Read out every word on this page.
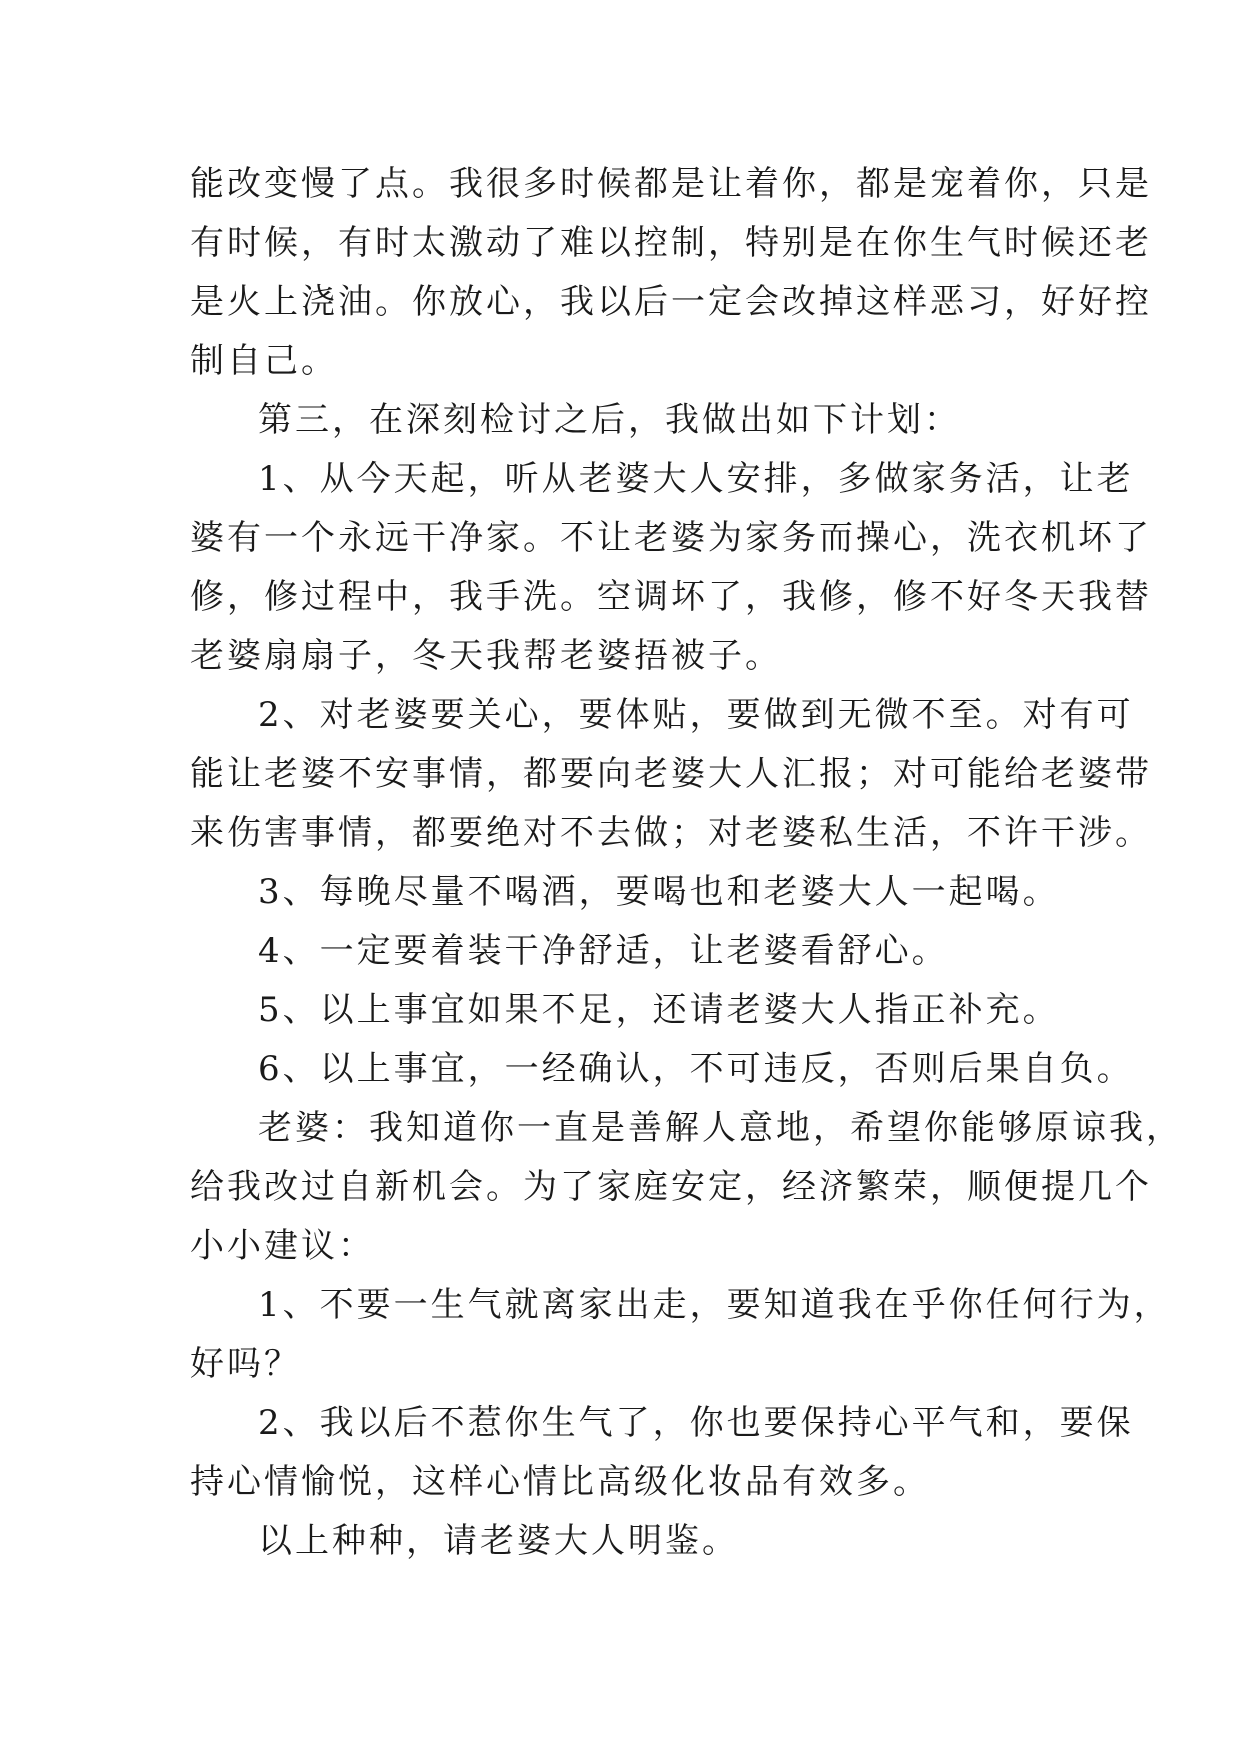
能改变慢了点。我很多时候都是让着你，都是宠着你，只是
有时候，有时太激动了难以控制，特别是在你生气时候还老
是火上浇油。你放心，我以后一定会改掉这样恶习，好好控
制自己。
第三，在深刻检讨之后，我做出如下计划：
1、从今天起，听从老婆大人安排，多做家务活，让老
婆有一个永远干净家。不让老婆为家务而操心，洗衣机坏了
修，修过程中，我手洗。空调坏了，我修，修不好冬天我替
老婆扇扇子，冬天我帮老婆捂被子。
2、对老婆要关心，要体贴，要做到无微不至。对有可
能让老婆不安事情，都要向老婆大人汇报；对可能给老婆带
来伤害事情，都要绝对不去做；对老婆私生活，不许干涉。
3、每晚尽量不喝酒，要喝也和老婆大人一起喝。
4、一定要着装干净舒适，让老婆看舒心。
5、以上事宜如果不足，还请老婆大人指正补充。
6、以上事宜，一经确认，不可违反，否则后果自负。
老婆：我知道你一直是善解人意地，希望你能够原谅我，
给我改过自新机会。为了家庭安定，经济繁荣，顺便提几个
小小建议：
1、不要一生气就离家出走，要知道我在乎你任何行为，
好吗？
2、我以后不惹你生气了，你也要保持心平气和，要保
持心情愉悦，这样心情比高级化妆品有效多。
以上种种，请老婆大人明鉴。
